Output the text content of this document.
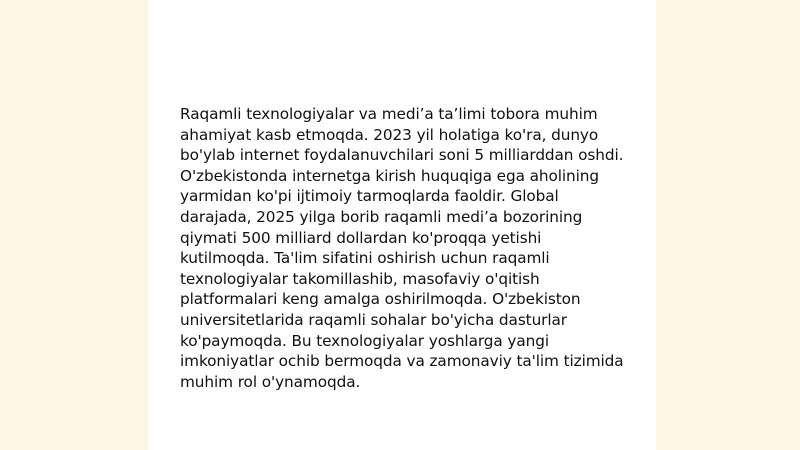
Raqamli texnologiyalar va medi’a ta’limi tobora muhim ahamiyat kasb etmoqda. 2023 yil holatiga ko'ra, dunyo bo'ylab internet foydalanuvchilari soni 5 milliarddan oshdi. O'zbekistonda internetga kirish huquqiga ega aholining yarmidan ko'pi ijtimoiy tarmoqlarda faoldir. Global darajada, 2025 yilga borib raqamli medi’a bozorining qiymati 500 milliard dollardan ko'proqqa yetishi kutilmoqda. Ta'lim sifatini oshirish uchun raqamli texnologiyalar takomillashib, masofaviy o'qitish platformalari keng amalga oshirilmoqda. O'zbekiston universitetlarida raqamli sohalar bo'yicha dasturlar ko'paymoqda. Bu texnologiyalar yoshlarga yangi imkoniyatlar ochib bermoqda va zamonaviy ta'lim tizimida muhim rol o'ynamoqda.
